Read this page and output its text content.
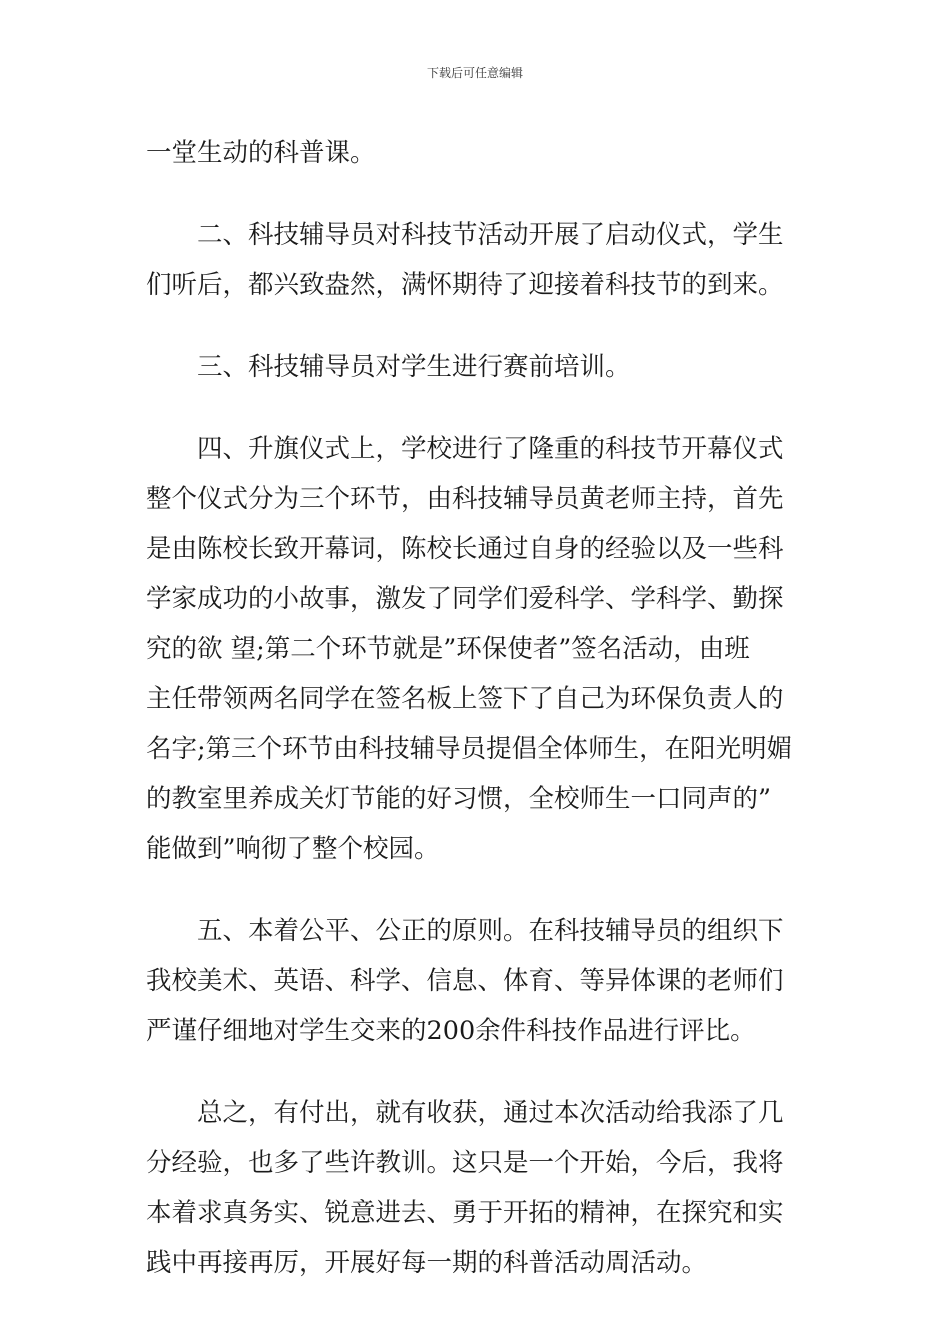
下载后可任意编辑
一堂生动的科普课。
二、科技辅导员对科技节活动开展了启动仪式，学生
们听后，都兴致盎然，满怀期待了迎接着科技节的到来。
三、科技辅导员对学生进行赛前培训。
四、升旗仪式上，学校进行了隆重的科技节开幕仪式
整个仪式分为三个环节，由科技辅导员黄老师主持，首先
是由陈校长致开幕词，陈校长通过自身的经验以及一些科
学家成功的小故事，激发了同学们爱科学、学科学、勤探
究的欲 望;第二个环节就是”环保使者”签名活动，由班
主任带领两名同学在签名板上签下了自己为环保负责人的
名字;第三个环节由科技辅导员提倡全体师生，在阳光明媚
的教室里养成关灯节能的好习惯，全校师生一口同声的”
能做到”响彻了整个校园。
五、本着公平、公正的原则。在科技辅导员的组织下
我校美术、英语、科学、信息、体育、等异体课的老师们
严谨仔细地对学生交来的200余件科技作品进行评比。
总之，有付出，就有收获，通过本次活动给我添了几
分经验，也多了些许教训。这只是一个开始，今后，我将
本着求真务实、锐意进去、勇于开拓的精神，在探究和实
践中再接再厉，开展好每一期的科普活动周活动。
